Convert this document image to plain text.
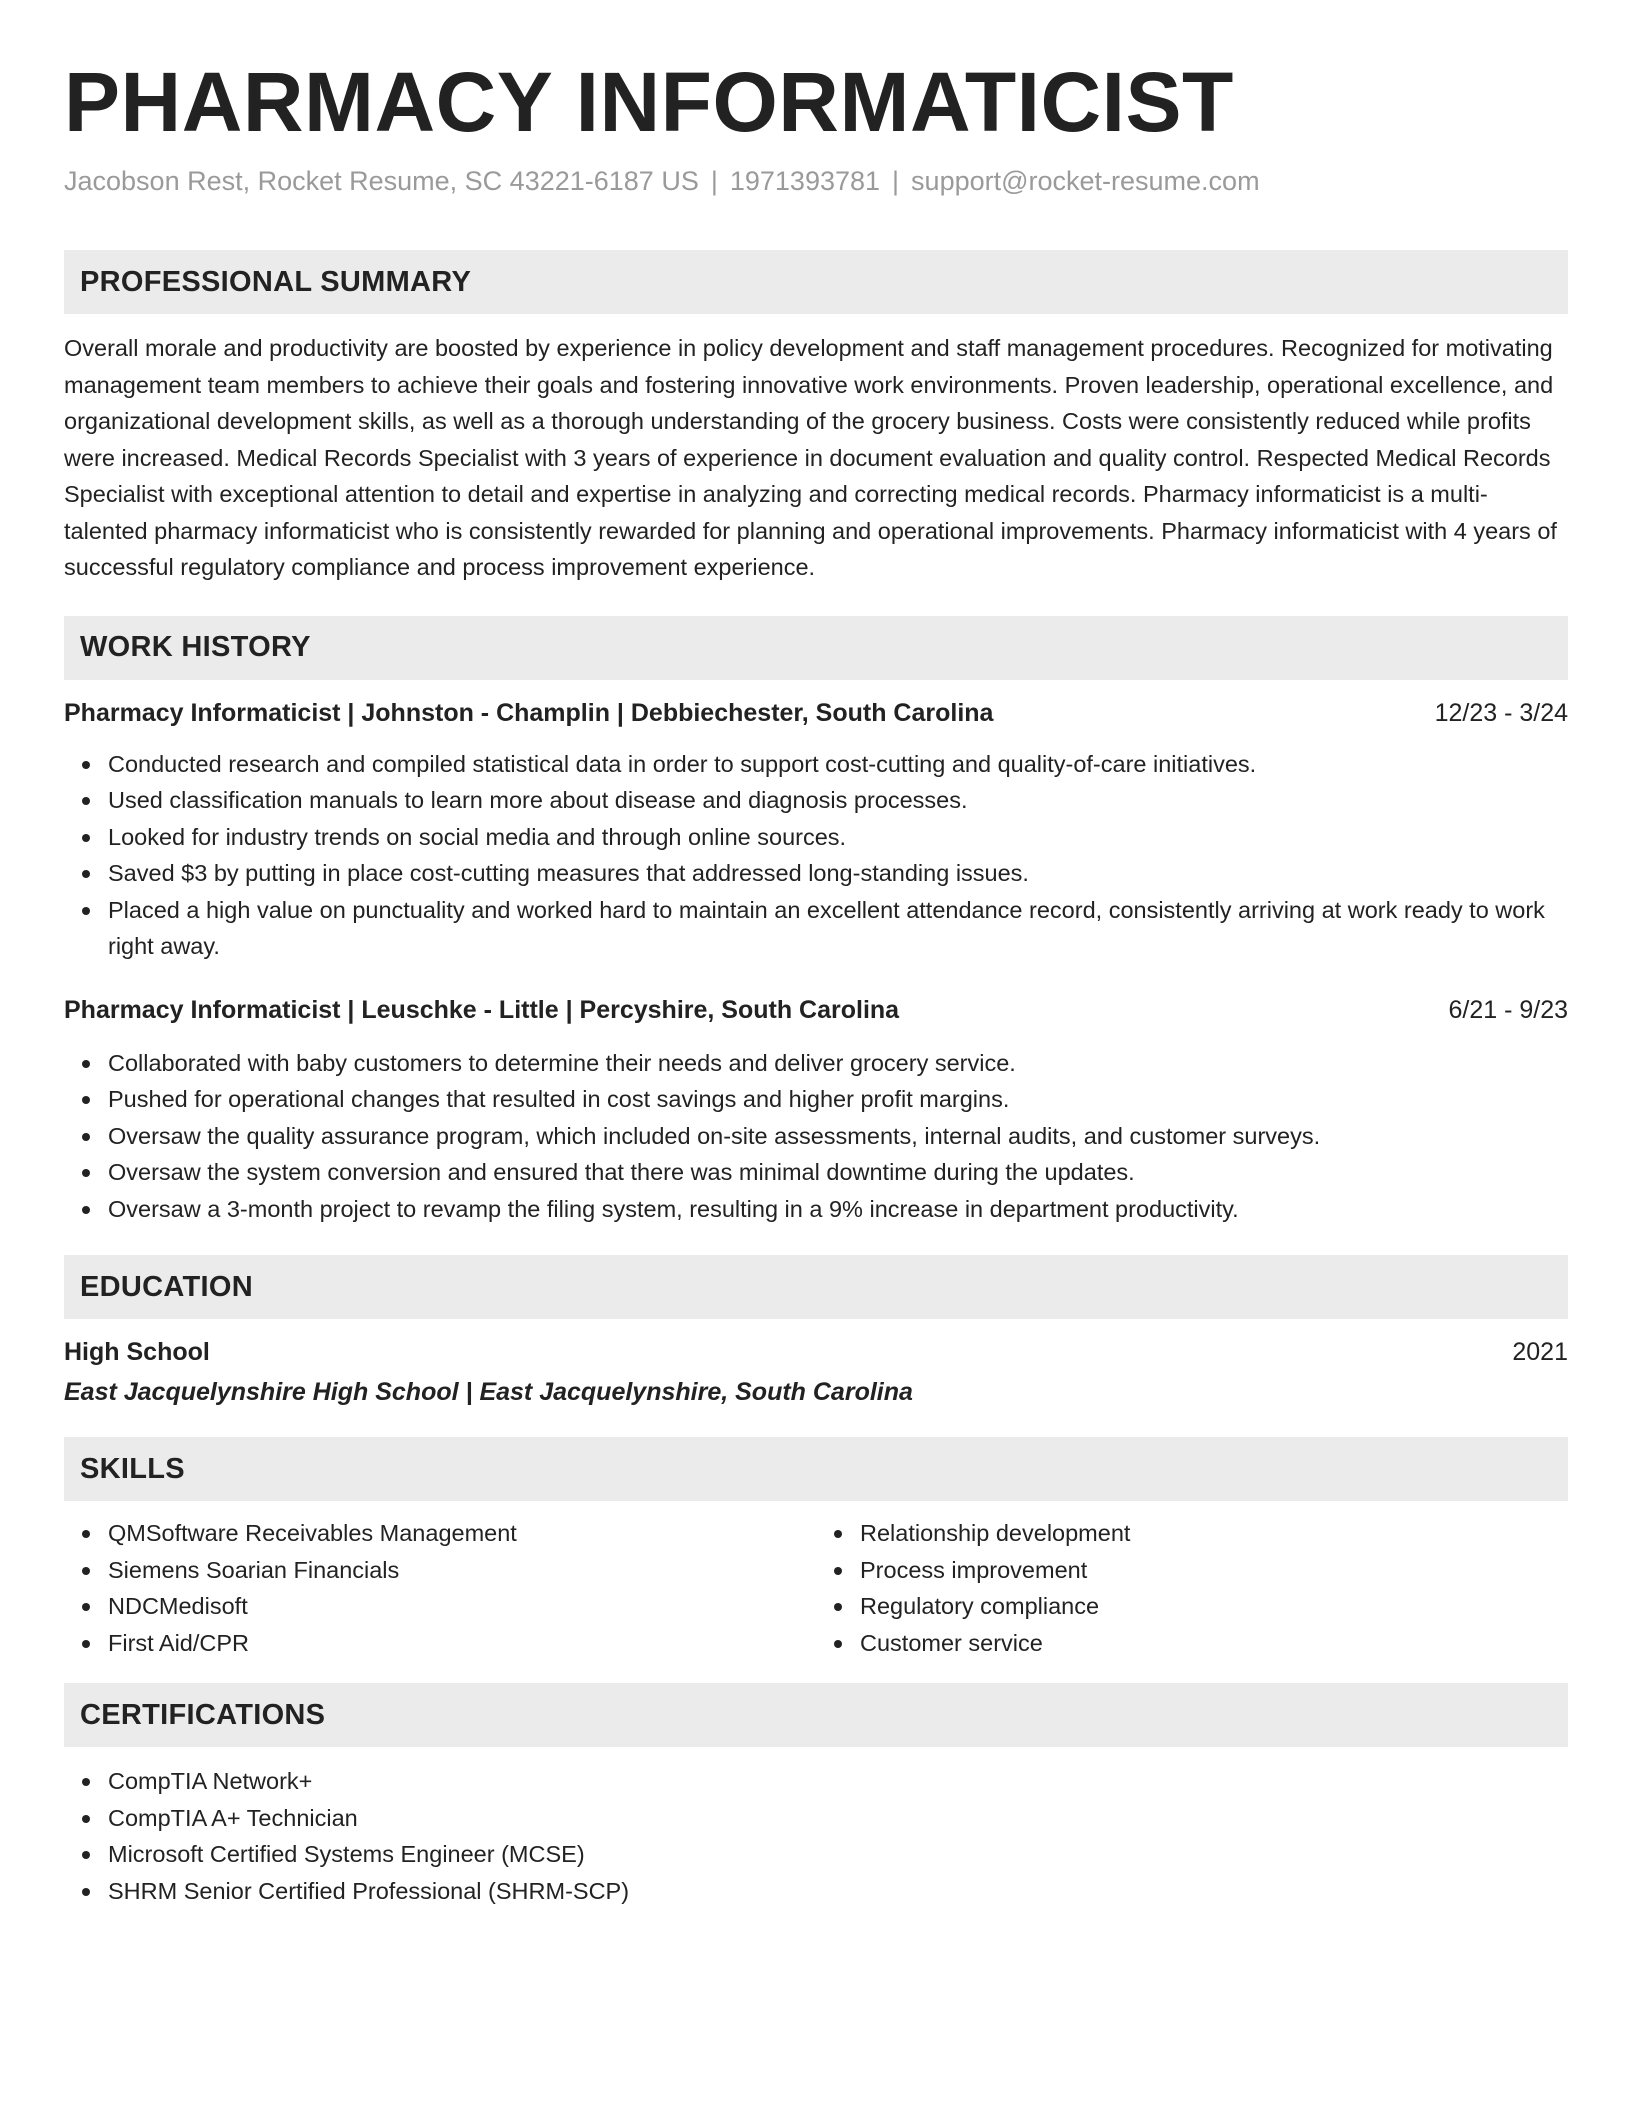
PHARMACY INFORMATICIST
Jacobson Rest, Rocket Resume, SC 43221-6187 US | 1971393781 | support@rocket-resume.com
PROFESSIONAL SUMMARY
Overall morale and productivity are boosted by experience in policy development and staff management procedures. Recognized for motivating management team members to achieve their goals and fostering innovative work environments. Proven leadership, operational excellence, and organizational development skills, as well as a thorough understanding of the grocery business. Costs were consistently reduced while profits were increased. Medical Records Specialist with 3 years of experience in document evaluation and quality control. Respected Medical Records Specialist with exceptional attention to detail and expertise in analyzing and correcting medical records. Pharmacy informaticist is a multi-talented pharmacy informaticist who is consistently rewarded for planning and operational improvements. Pharmacy informaticist with 4 years of successful regulatory compliance and process improvement experience.
WORK HISTORY
Pharmacy Informaticist | Johnston - Champlin | Debbiechester, South Carolina	12/23 - 3/24
Conducted research and compiled statistical data in order to support cost-cutting and quality-of-care initiatives.
Used classification manuals to learn more about disease and diagnosis processes.
Looked for industry trends on social media and through online sources.
Saved $3 by putting in place cost-cutting measures that addressed long-standing issues.
Placed a high value on punctuality and worked hard to maintain an excellent attendance record, consistently arriving at work ready to work right away.
Pharmacy Informaticist | Leuschke - Little | Percyshire, South Carolina	6/21 - 9/23
Collaborated with baby customers to determine their needs and deliver grocery service.
Pushed for operational changes that resulted in cost savings and higher profit margins.
Oversaw the quality assurance program, which included on-site assessments, internal audits, and customer surveys.
Oversaw the system conversion and ensured that there was minimal downtime during the updates.
Oversaw a 3-month project to revamp the filing system, resulting in a 9% increase in department productivity.
EDUCATION
High School	2021
East Jacquelynshire High School | East Jacquelynshire, South Carolina
SKILLS
QMSoftware Receivables Management
Siemens Soarian Financials
NDCMedisoft
First Aid/CPR
Relationship development
Process improvement
Regulatory compliance
Customer service
CERTIFICATIONS
CompTIA Network+
CompTIA A+ Technician
Microsoft Certified Systems Engineer (MCSE)
SHRM Senior Certified Professional (SHRM-SCP)
